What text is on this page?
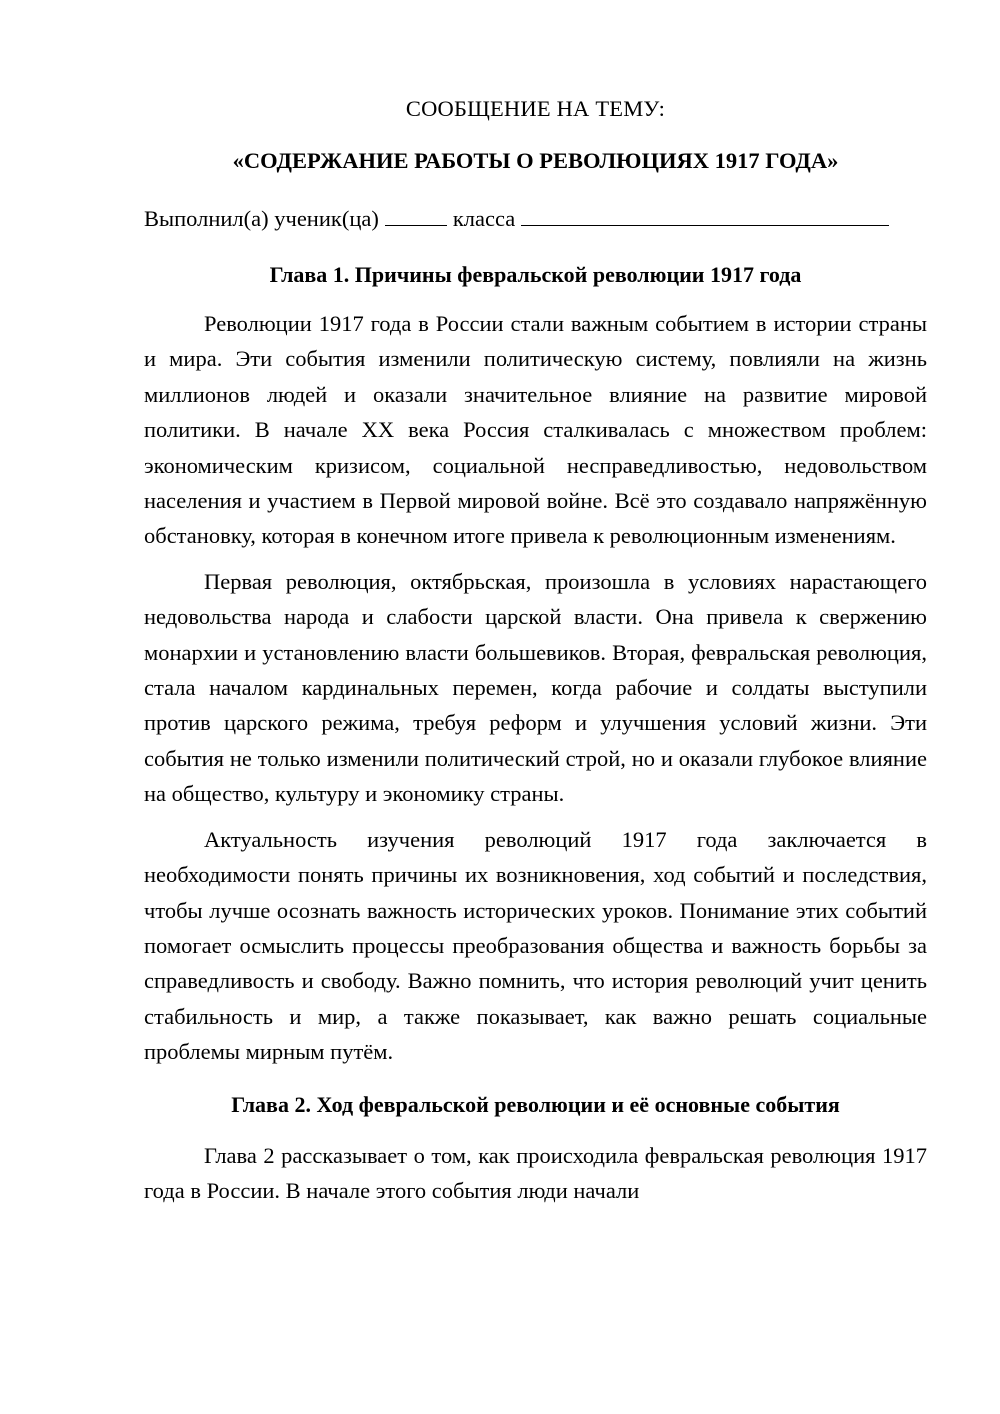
СООБЩЕНИЕ НА ТЕМУ:

«СОДЕРЖАНИЕ РАБОТЫ О РЕВОЛЮЦИЯХ 1917 ГОДА»

Выполнил(а) ученик(ца)	класса

Глава 1. Причины февральской революции 1917 года

Революции 1917 года в России стали важным событием в истории страны и мира. Эти события изменили политическую систему, повлияли на жизнь миллионов людей и оказали значительное влияние на развитие мировой политики. В начале XX века Россия сталкивалась с множеством проблем: экономическим кризисом, социальной несправедливостью, недовольством населения и участием в Первой мировой войне. Всё это создавало напряжённую обстановку, которая в конечном итоге привела к революционным изменениям.

Первая революция, октябрьская, произошла в условиях нарастающего недовольства народа и слабости царской власти. Она привела к свержению монархии и установлению власти большевиков. Вторая, февральская революция, стала началом кардинальных перемен, когда рабочие и солдаты выступили против царского режима, требуя реформ и улучшения условий жизни. Эти события не только изменили политический строй, но и оказали глубокое влияние на общество, культуру и экономику страны.

Актуальность изучения революций 1917 года заключается в необходимости понять причины их возникновения, ход событий и последствия, чтобы лучше осознать важность исторических уроков. Понимание этих событий помогает осмыслить процессы преобразования общества и важность борьбы за справедливость и свободу. Важно помнить, что история революций учит ценить стабильность и мир, а также показывает, как важно решать социальные проблемы мирным путём.

Глава 2. Ход февральской революции и её основные события

Глава 2 рассказывает о том, как происходила февральская революция 1917 года в России. В начале этого события люди начали
